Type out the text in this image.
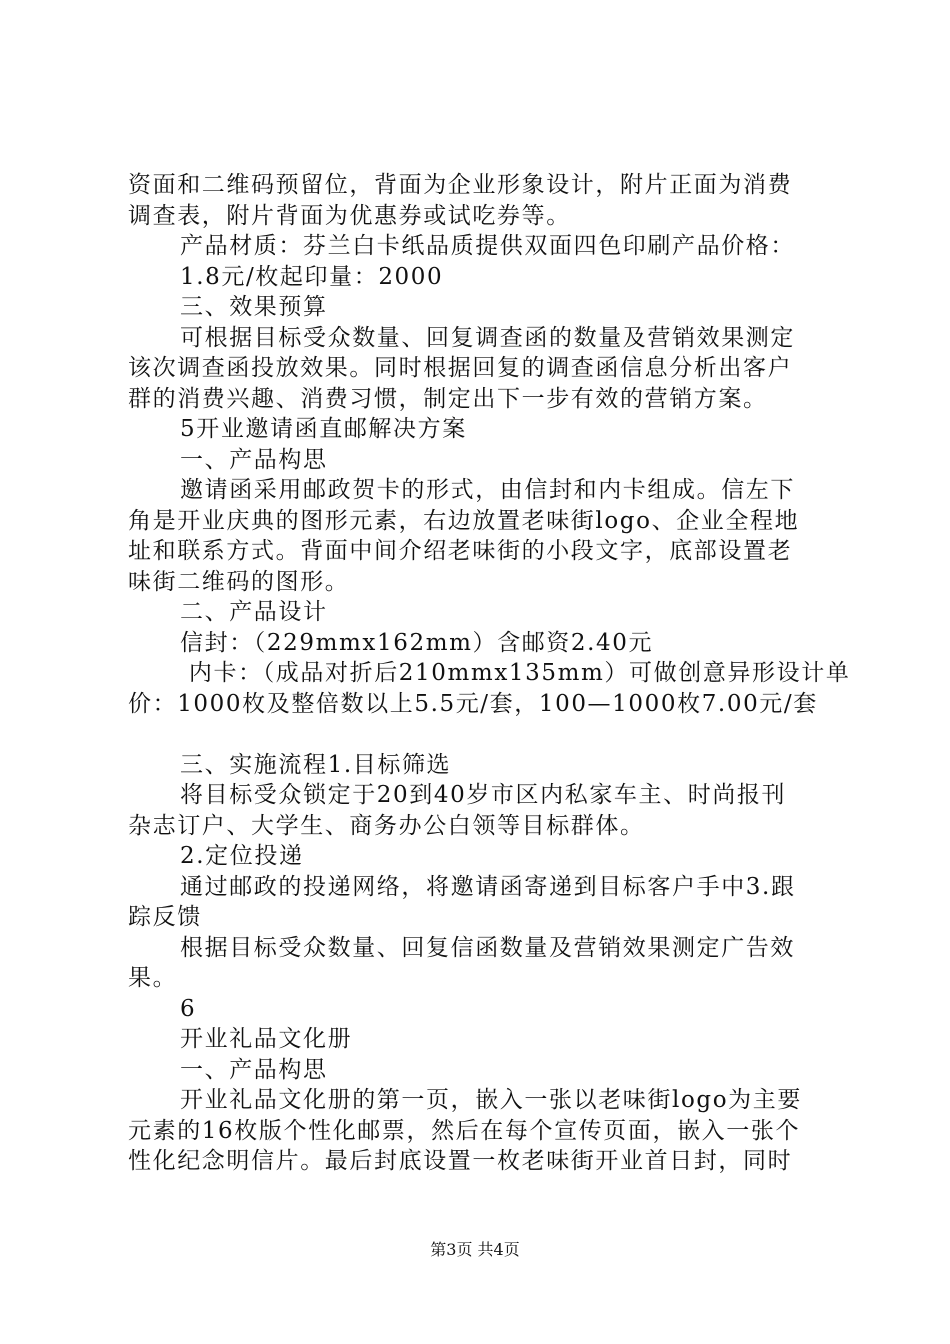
资面和二维码预留位，背面为企业形象设计，附片正面为消费
调查表，附片背面为优惠券或试吃券等。
产品材质：芬兰白卡纸品质提供双面四色印刷产品价格：
1.8元/枚起印量：2000
三、效果预算
可根据目标受众数量、回复调查函的数量及营销效果测定
该次调查函投放效果。同时根据回复的调查函信息分析出客户
群的消费兴趣、消费习惯，制定出下一步有效的营销方案。
5开业邀请函直邮解决方案
一、产品构思
邀请函采用邮政贺卡的形式，由信封和内卡组成。信左下
角是开业庆典的图形元素，右边放置老味街logo、企业全程地
址和联系方式。背面中间介绍老味街的小段文字，底部设置老
味街二维码的图形。
二、产品设计
信封：（229mmx162mm）含邮资2.40元
内卡：（成品对折后210mmx135mm）可做创意异形设计单
价：1000枚及整倍数以上5.5元/套，100—1000枚7.00元/套
三、实施流程1.目标筛选
将目标受众锁定于20到40岁市区内私家车主、时尚报刊
杂志订户、大学生、商务办公白领等目标群体。
2.定位投递
通过邮政的投递网络，将邀请函寄递到目标客户手中3.跟
踪反馈
根据目标受众数量、回复信函数量及营销效果测定广告效
果。
6
开业礼品文化册
一、产品构思
开业礼品文化册的第一页，嵌入一张以老味街logo为主要
元素的16枚版个性化邮票，然后在每个宣传页面，嵌入一张个
性化纪念明信片。最后封底设置一枚老味街开业首日封，同时
第3页 共4页
